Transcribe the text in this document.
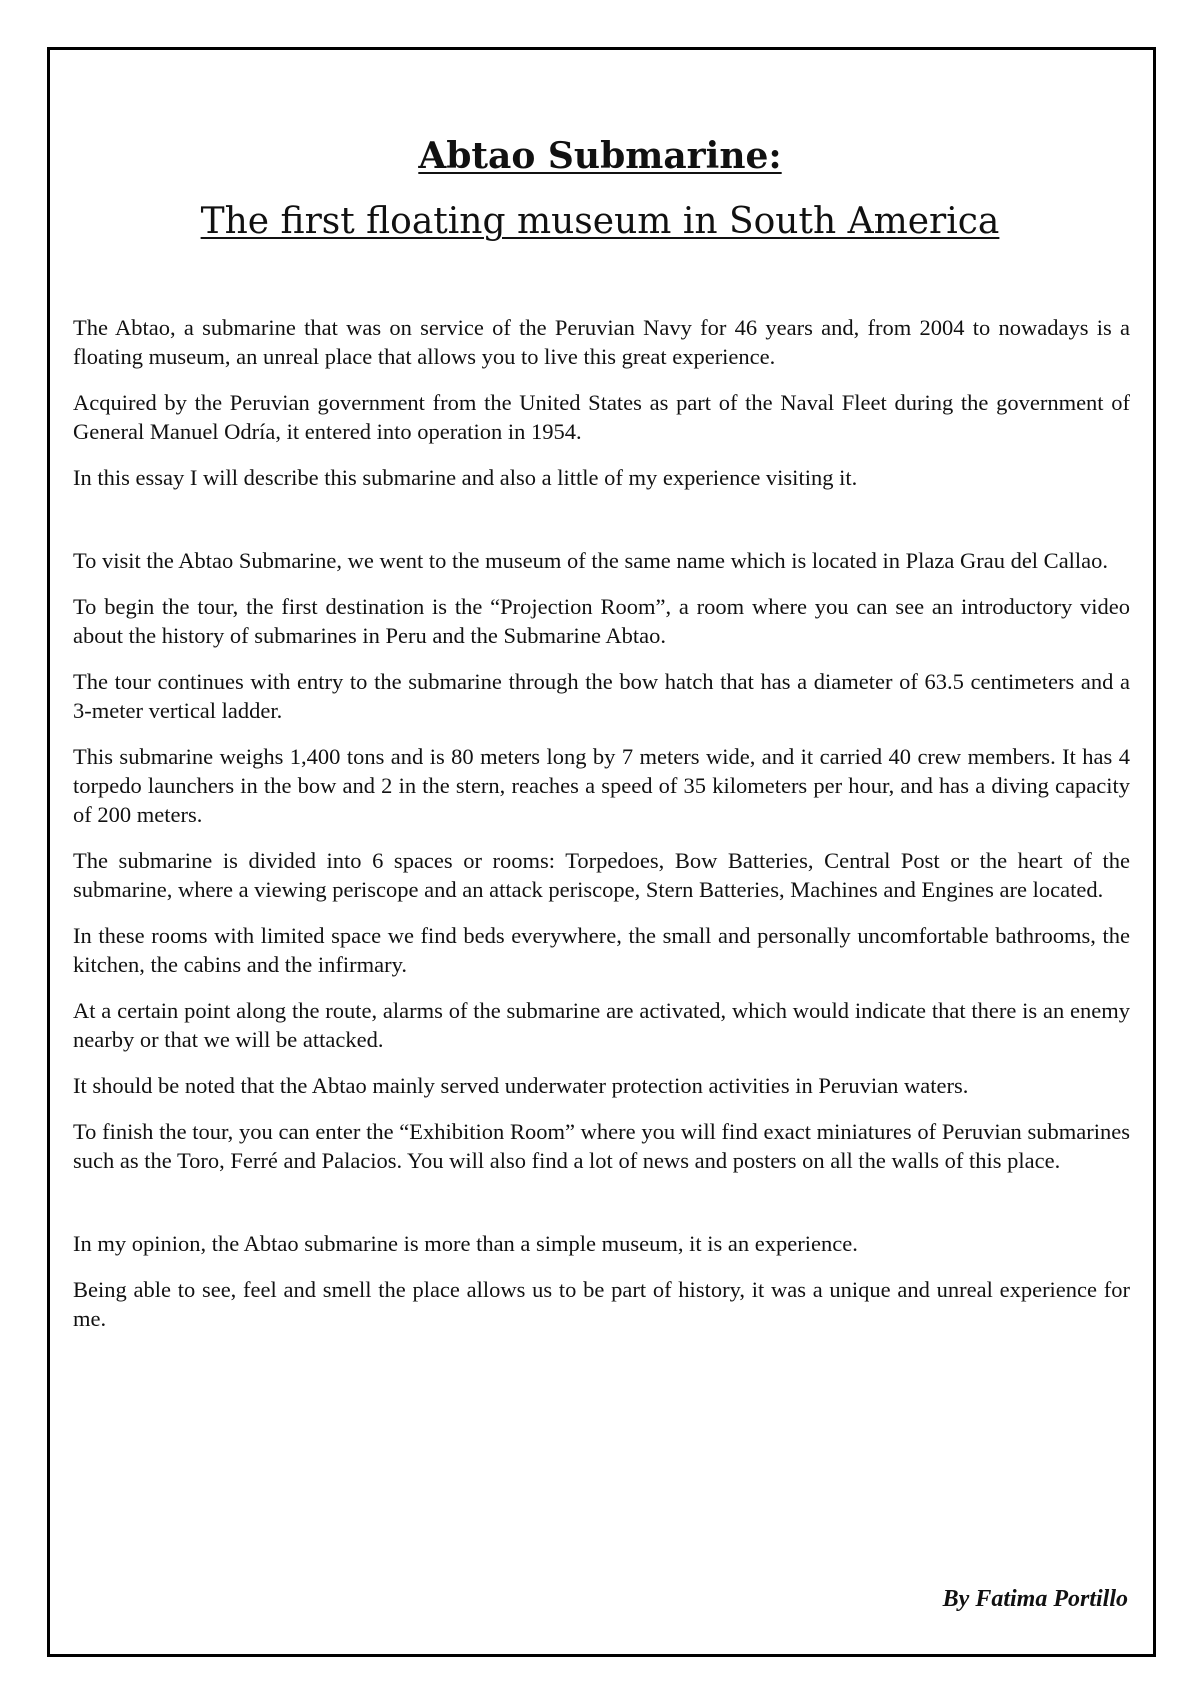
Abtao Submarine:
The first floating museum in South America

The Abtao, a submarine that was on service of the Peruvian Navy for 46 years and, from 2004 to nowadays is a floating museum, an unreal place that allows you to live this great experience.

Acquired by the Peruvian government from the United States as part of the Naval Fleet during the government of General Manuel Odría, it entered into operation in 1954.

In this essay I will describe this submarine and also a little of my experience visiting it.

To visit the Abtao Submarine, we went to the museum of the same name which is located in Plaza Grau del Callao.

To begin the tour, the first destination is the “Projection Room”, a room where you can see an introductory video about the history of submarines in Peru and the Submarine Abtao.

The tour continues with entry to the submarine through the bow hatch that has a diameter of 63.5 centimeters and a 3-meter vertical ladder.

This submarine weighs 1,400 tons and is 80 meters long by 7 meters wide, and it carried 40 crew members. It has 4 torpedo launchers in the bow and 2 in the stern, reaches a speed of 35 kilometers per hour, and has a diving capacity of 200 meters.

The submarine is divided into 6 spaces or rooms: Torpedoes, Bow Batteries, Central Post or the heart of the submarine, where a viewing periscope and an attack periscope, Stern Batteries, Machines and Engines are located.

In these rooms with limited space we find beds everywhere, the small and personally uncomfortable bathrooms, the kitchen, the cabins and the infirmary.

At a certain point along the route, alarms of the submarine are activated, which would indicate that there is an enemy nearby or that we will be attacked.

It should be noted that the Abtao mainly served underwater protection activities in Peruvian waters.

To finish the tour, you can enter the “Exhibition Room” where you will find exact miniatures of Peruvian submarines such as the Toro, Ferré and Palacios. You will also find a lot of news and posters on all the walls of this place.

In my opinion, the Abtao submarine is more than a simple museum, it is an experience.

Being able to see, feel and smell the place allows us to be part of history, it was a unique and unreal experience for me.

By Fatima Portillo
